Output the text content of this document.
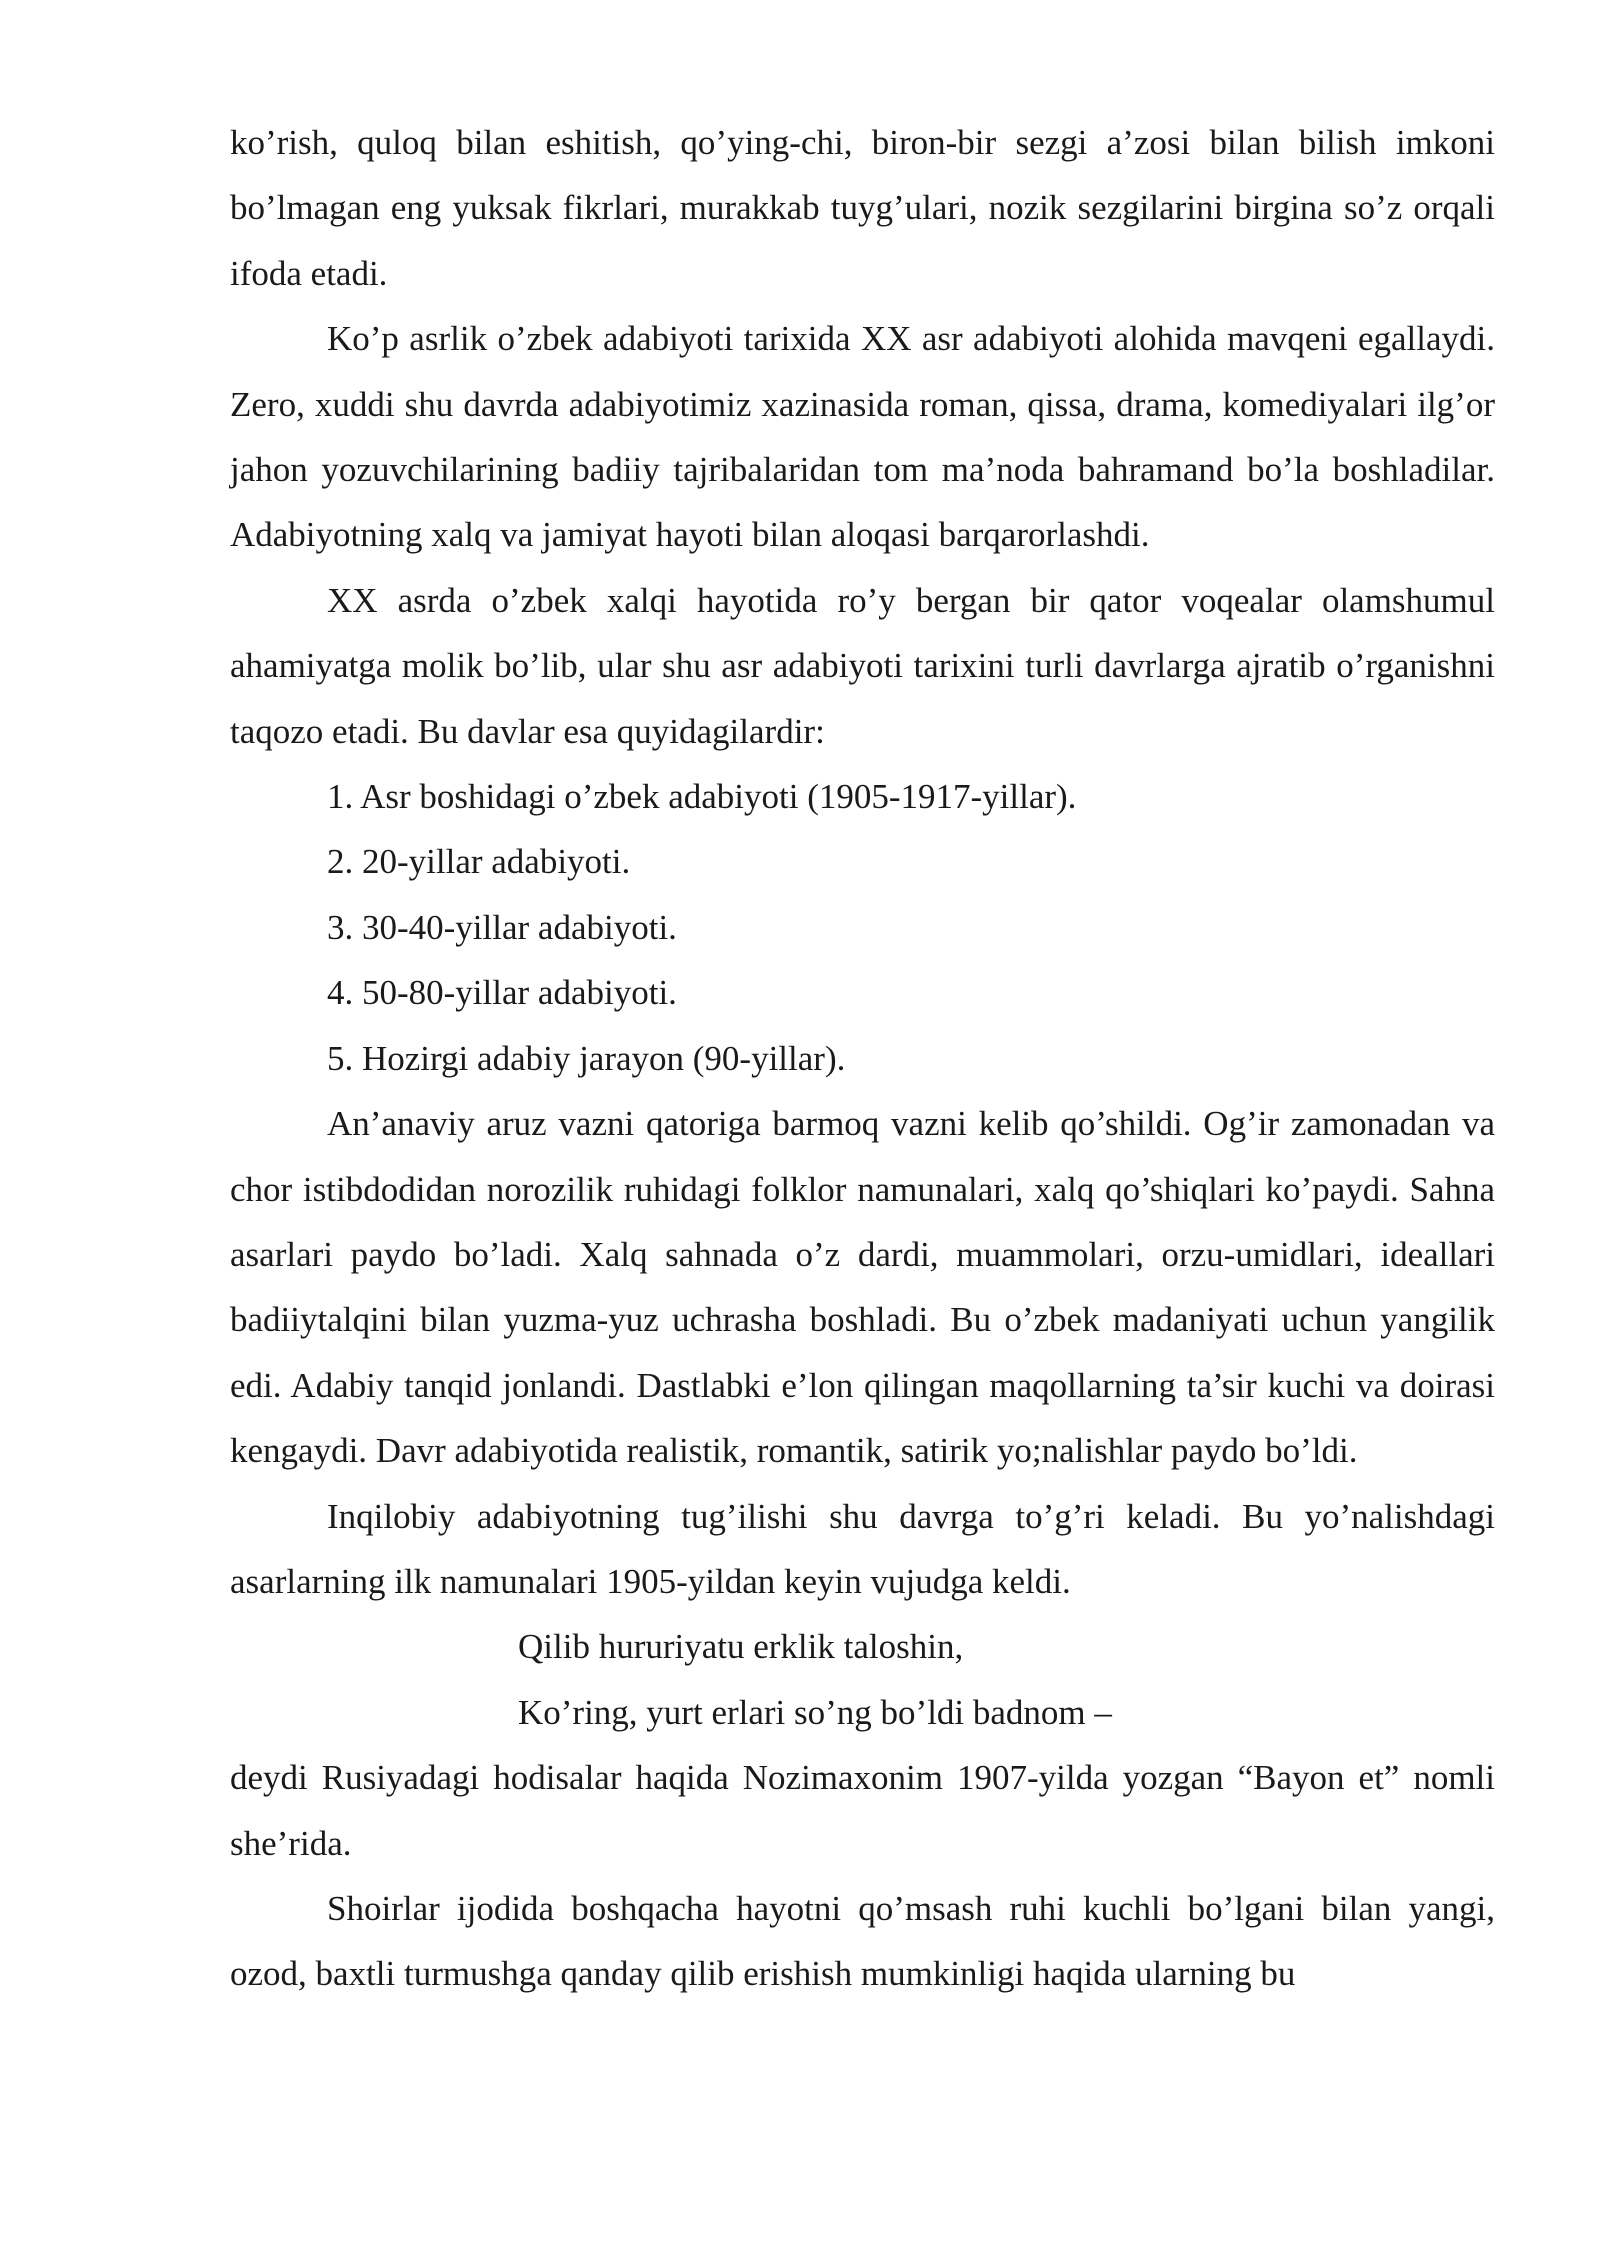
ko’rish, quloq bilan eshitish, qo’ying-chi, biron-bir sezgi a’zosi bilan bilish imkoni bo’lmagan eng yuksak fikrlari, murakkab tuyg’ulari, nozik sezgilarini birgina so’z orqali ifoda etadi.

Ko’p asrlik o’zbek adabiyoti tarixida XX asr adabiyoti alohida mavqeni egallaydi. Zero, xuddi shu davrda adabiyotimiz xazinasida roman, qissa, drama, komediyalari ilg’or jahon yozuvchilarining badiiy tajribalaridan tom ma’noda bahramand bo’la boshladilar. Adabiyotning xalq va jamiyat hayoti bilan aloqasi barqarorlashdi.

XX asrda o’zbek xalqi hayotida ro’y bergan bir qator voqealar olamshumul ahamiyatga molik bo’lib, ular shu asr adabiyoti tarixini turli davrlarga ajratib o’rganishni taqozo etadi. Bu davlar esa quyidagilardir:

1. Asr boshidagi o’zbek adabiyoti (1905-1917-yillar).

2. 20-yillar adabiyoti.

3. 30-40-yillar adabiyoti.

4. 50-80-yillar adabiyoti.

5. Hozirgi adabiy jarayon (90-yillar).

An’anaviy aruz vazni qatoriga barmoq vazni kelib qo’shildi. Og’ir zamonadan va chor istibdodidan norozilik ruhidagi folklor namunalari, xalq qo’shiqlari ko’paydi. Sahna asarlari paydo bo’ladi. Xalq sahnada o’z dardi, muammolari, orzu-umidlari, ideallari badiiytalqini bilan yuzma-yuz uchrasha boshladi. Bu o’zbek madaniyati uchun yangilik edi. Adabiy tanqid jonlandi. Dastlabki e’lon qilingan maqollarning ta’sir kuchi va doirasi kengaydi. Davr adabiyotida realistik, romantik, satirik yo;nalishlar paydo bo’ldi.

Inqilobiy adabiyotning tug’ilishi shu davrga to’g’ri keladi. Bu yo’nalishdagi asarlarning ilk namunalari 1905-yildan keyin vujudga keldi.

Qilib hururiyatu erklik taloshin,

Ko’ring, yurt erlari so’ng bo’ldi badnom –

deydi Rusiyadagi hodisalar haqida Nozimaxonim 1907-yilda yozgan “Bayon et” nomli she’rida.

Shoirlar ijodida boshqacha hayotni qo’msash ruhi kuchli bo’lgani bilan yangi, ozod, baxtli turmushga qanday qilib erishish mumkinligi haqida ularning bu
